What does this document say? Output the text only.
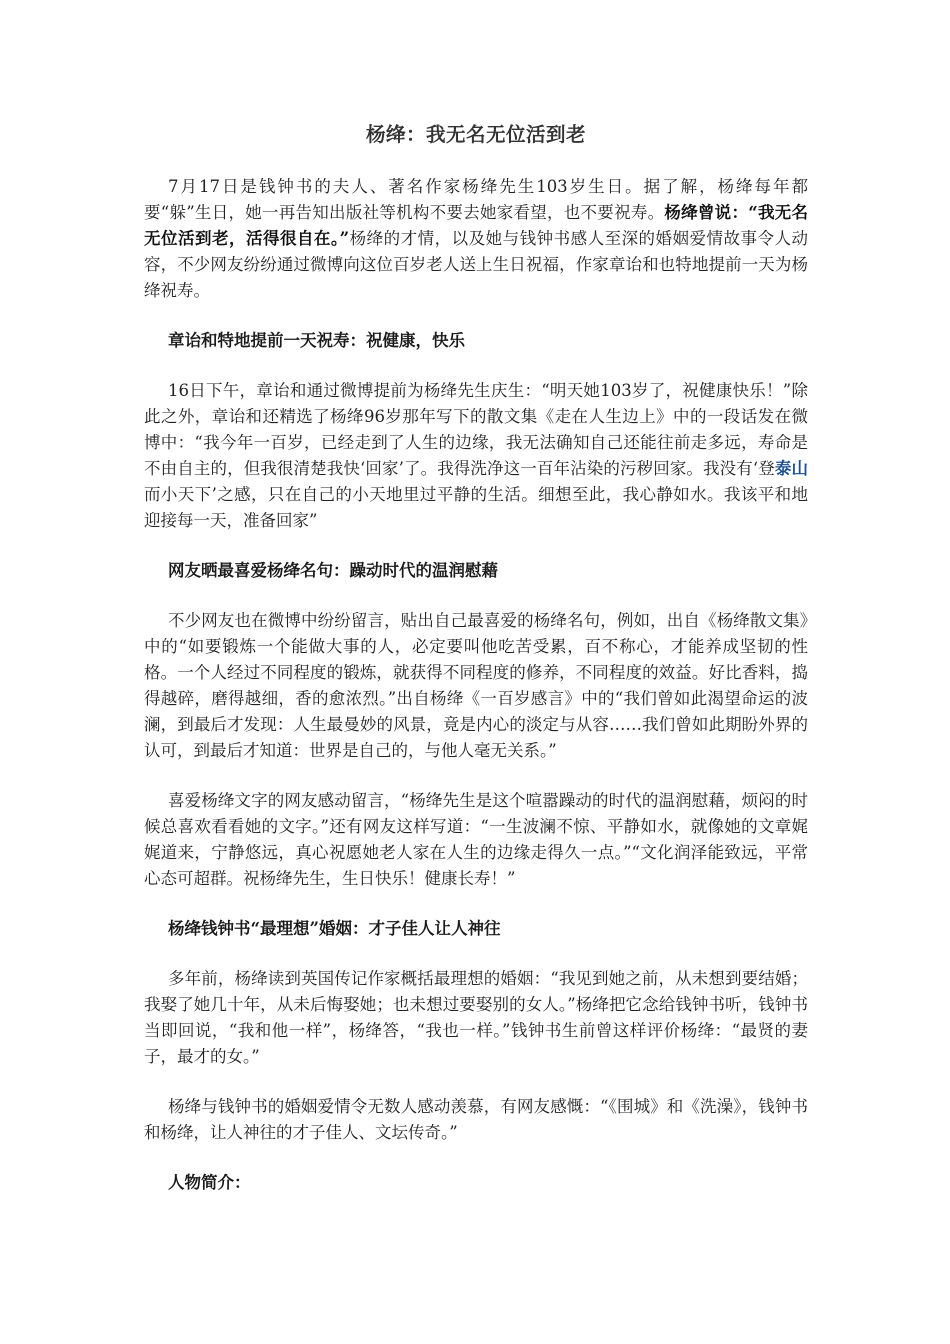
杨绛：我无名无位活到老

7月17日是钱钟书的夫人、著名作家杨绛先生103岁生日。据了解，杨绛每年都要“躲”生日，她一再告知出版社等机构不要去她家看望，也不要祝寿。杨绛曾说：“我无名无位活到老，活得很自在。”杨绛的才情，以及她与钱钟书感人至深的婚姻爱情故事令人动容，不少网友纷纷通过微博向这位百岁老人送上生日祝福，作家章诒和也特地提前一天为杨绛祝寿。

章诒和特地提前一天祝寿：祝健康，快乐

16日下午，章诒和通过微博提前为杨绛先生庆生：“明天她103岁了，祝健康快乐！”除此之外，章诒和还精选了杨绛96岁那年写下的散文集《走在人生边上》中的一段话发在微博中：“我今年一百岁，已经走到了人生的边缘，我无法确知自己还能往前走多远，寿命是不由自主的，但我很清楚我快‘回家’了。我得洗净这一百年沾染的污秽回家。我没有‘登泰山而小天下’之感，只在自己的小天地里过平静的生活。细想至此，我心静如水。我该平和地迎接每一天，准备回家”

网友晒最喜爱杨绛名句：躁动时代的温润慰藉

不少网友也在微博中纷纷留言，贴出自己最喜爱的杨绛名句，例如，出自《杨绛散文集》中的“如要锻炼一个能做大事的人，必定要叫他吃苦受累，百不称心，才能养成坚韧的性格。一个人经过不同程度的锻炼，就获得不同程度的修养，不同程度的效益。好比香料，捣得越碎，磨得越细，香的愈浓烈。”出自杨绛《一百岁感言》中的“我们曾如此渴望命运的波澜，到最后才发现：人生最曼妙的风景，竟是内心的淡定与从容……我们曾如此期盼外界的认可，到最后才知道：世界是自己的，与他人毫无关系。”

喜爱杨绛文字的网友感动留言，“杨绛先生是这个喧嚣躁动的时代的温润慰藉，烦闷的时候总喜欢看看她的文字。”还有网友这样写道：“一生波澜不惊、平静如水，就像她的文章娓娓道来，宁静悠远，真心祝愿她老人家在人生的边缘走得久一点。”“文化润泽能致远，平常心态可超群。祝杨绛先生，生日快乐！健康长寿！”

杨绛钱钟书“最理想”婚姻：才子佳人让人神往

多年前，杨绛读到英国传记作家概括最理想的婚姻：“我见到她之前，从未想到要结婚；我娶了她几十年，从未后悔娶她；也未想过要娶别的女人。”杨绛把它念给钱钟书听，钱钟书当即回说，“我和他一样”，杨绛答，“我也一样。”钱钟书生前曾这样评价杨绛：“最贤的妻子，最才的女。”

杨绛与钱钟书的婚姻爱情令无数人感动羡慕，有网友感慨：“《围城》和《洗澡》，钱钟书和杨绛，让人神往的才子佳人、文坛传奇。”

人物简介：
